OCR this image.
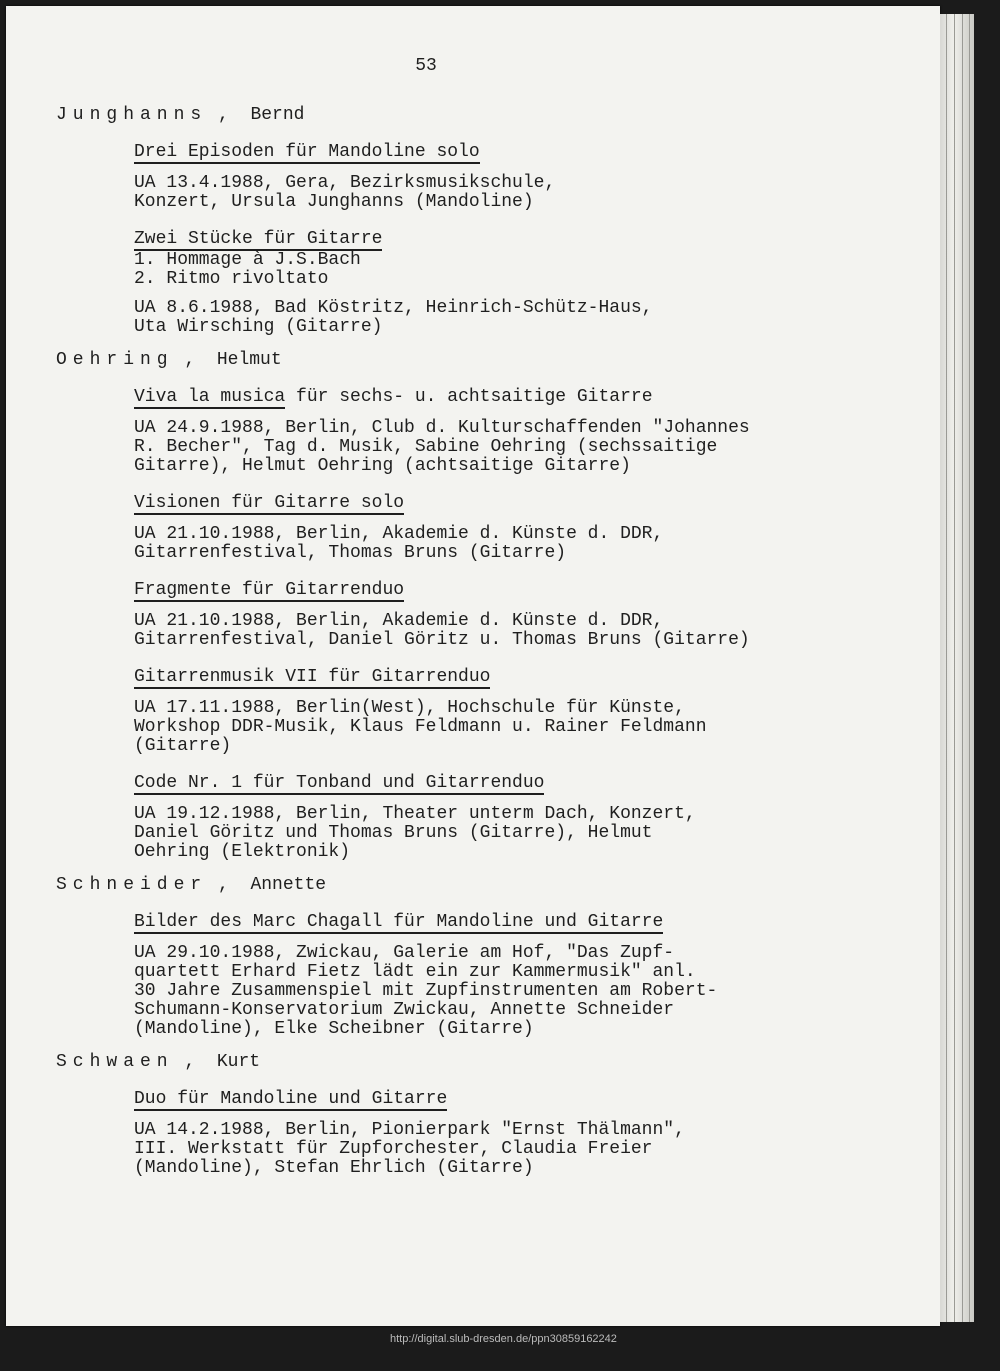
53
Junghanns ,  Bernd
Drei Episoden für Mandoline solo
UA 13.4.1988, Gera, Bezirksmusikschule,
Konzert, Ursula Junghanns (Mandoline)
Zwei Stücke für Gitarre
1. Hommage à J.S.Bach
2. Ritmo rivoltato
UA 8.6.1988, Bad Köstritz, Heinrich-Schütz-Haus,
Uta Wirsching (Gitarre)
Oehring ,  Helmut
Viva la musica für sechs- u. achtsaitige Gitarre
UA 24.9.1988, Berlin, Club d. Kulturschaffenden "Johannes
R. Becher", Tag d. Musik, Sabine Oehring (sechssaitige
Gitarre), Helmut Oehring (achtsaitige Gitarre)
Visionen für Gitarre solo
UA 21.10.1988, Berlin, Akademie d. Künste d. DDR,
Gitarrenfestival, Thomas Bruns (Gitarre)
Fragmente für Gitarrenduo
UA 21.10.1988, Berlin, Akademie d. Künste d. DDR,
Gitarrenfestival, Daniel Göritz u. Thomas Bruns (Gitarre)
Gitarrenmusik VII für Gitarrenduo
UA 17.11.1988, Berlin(West), Hochschule für Künste,
Workshop DDR-Musik, Klaus Feldmann u. Rainer Feldmann
(Gitarre)
Code Nr. 1 für Tonband und Gitarrenduo
UA 19.12.1988, Berlin, Theater unterm Dach, Konzert,
Daniel Göritz und Thomas Bruns (Gitarre), Helmut
Oehring (Elektronik)
Schneider ,  Annette
Bilder des Marc Chagall für Mandoline und Gitarre
UA 29.10.1988, Zwickau, Galerie am Hof, "Das Zupf-
quartett Erhard Fietz lädt ein zur Kammermusik" anl.
30 Jahre Zusammenspiel mit Zupfinstrumenten am Robert-
Schumann-Konservatorium Zwickau, Annette Schneider
(Mandoline), Elke Scheibner (Gitarre)
Schwaen ,  Kurt
Duo für Mandoline und Gitarre
UA 14.2.1988, Berlin, Pionierpark "Ernst Thälmann",
III. Werkstatt für Zupforchester, Claudia Freier
(Mandoline), Stefan Ehrlich (Gitarre)
http://digital.slub-dresden.de/ppn30859162242
